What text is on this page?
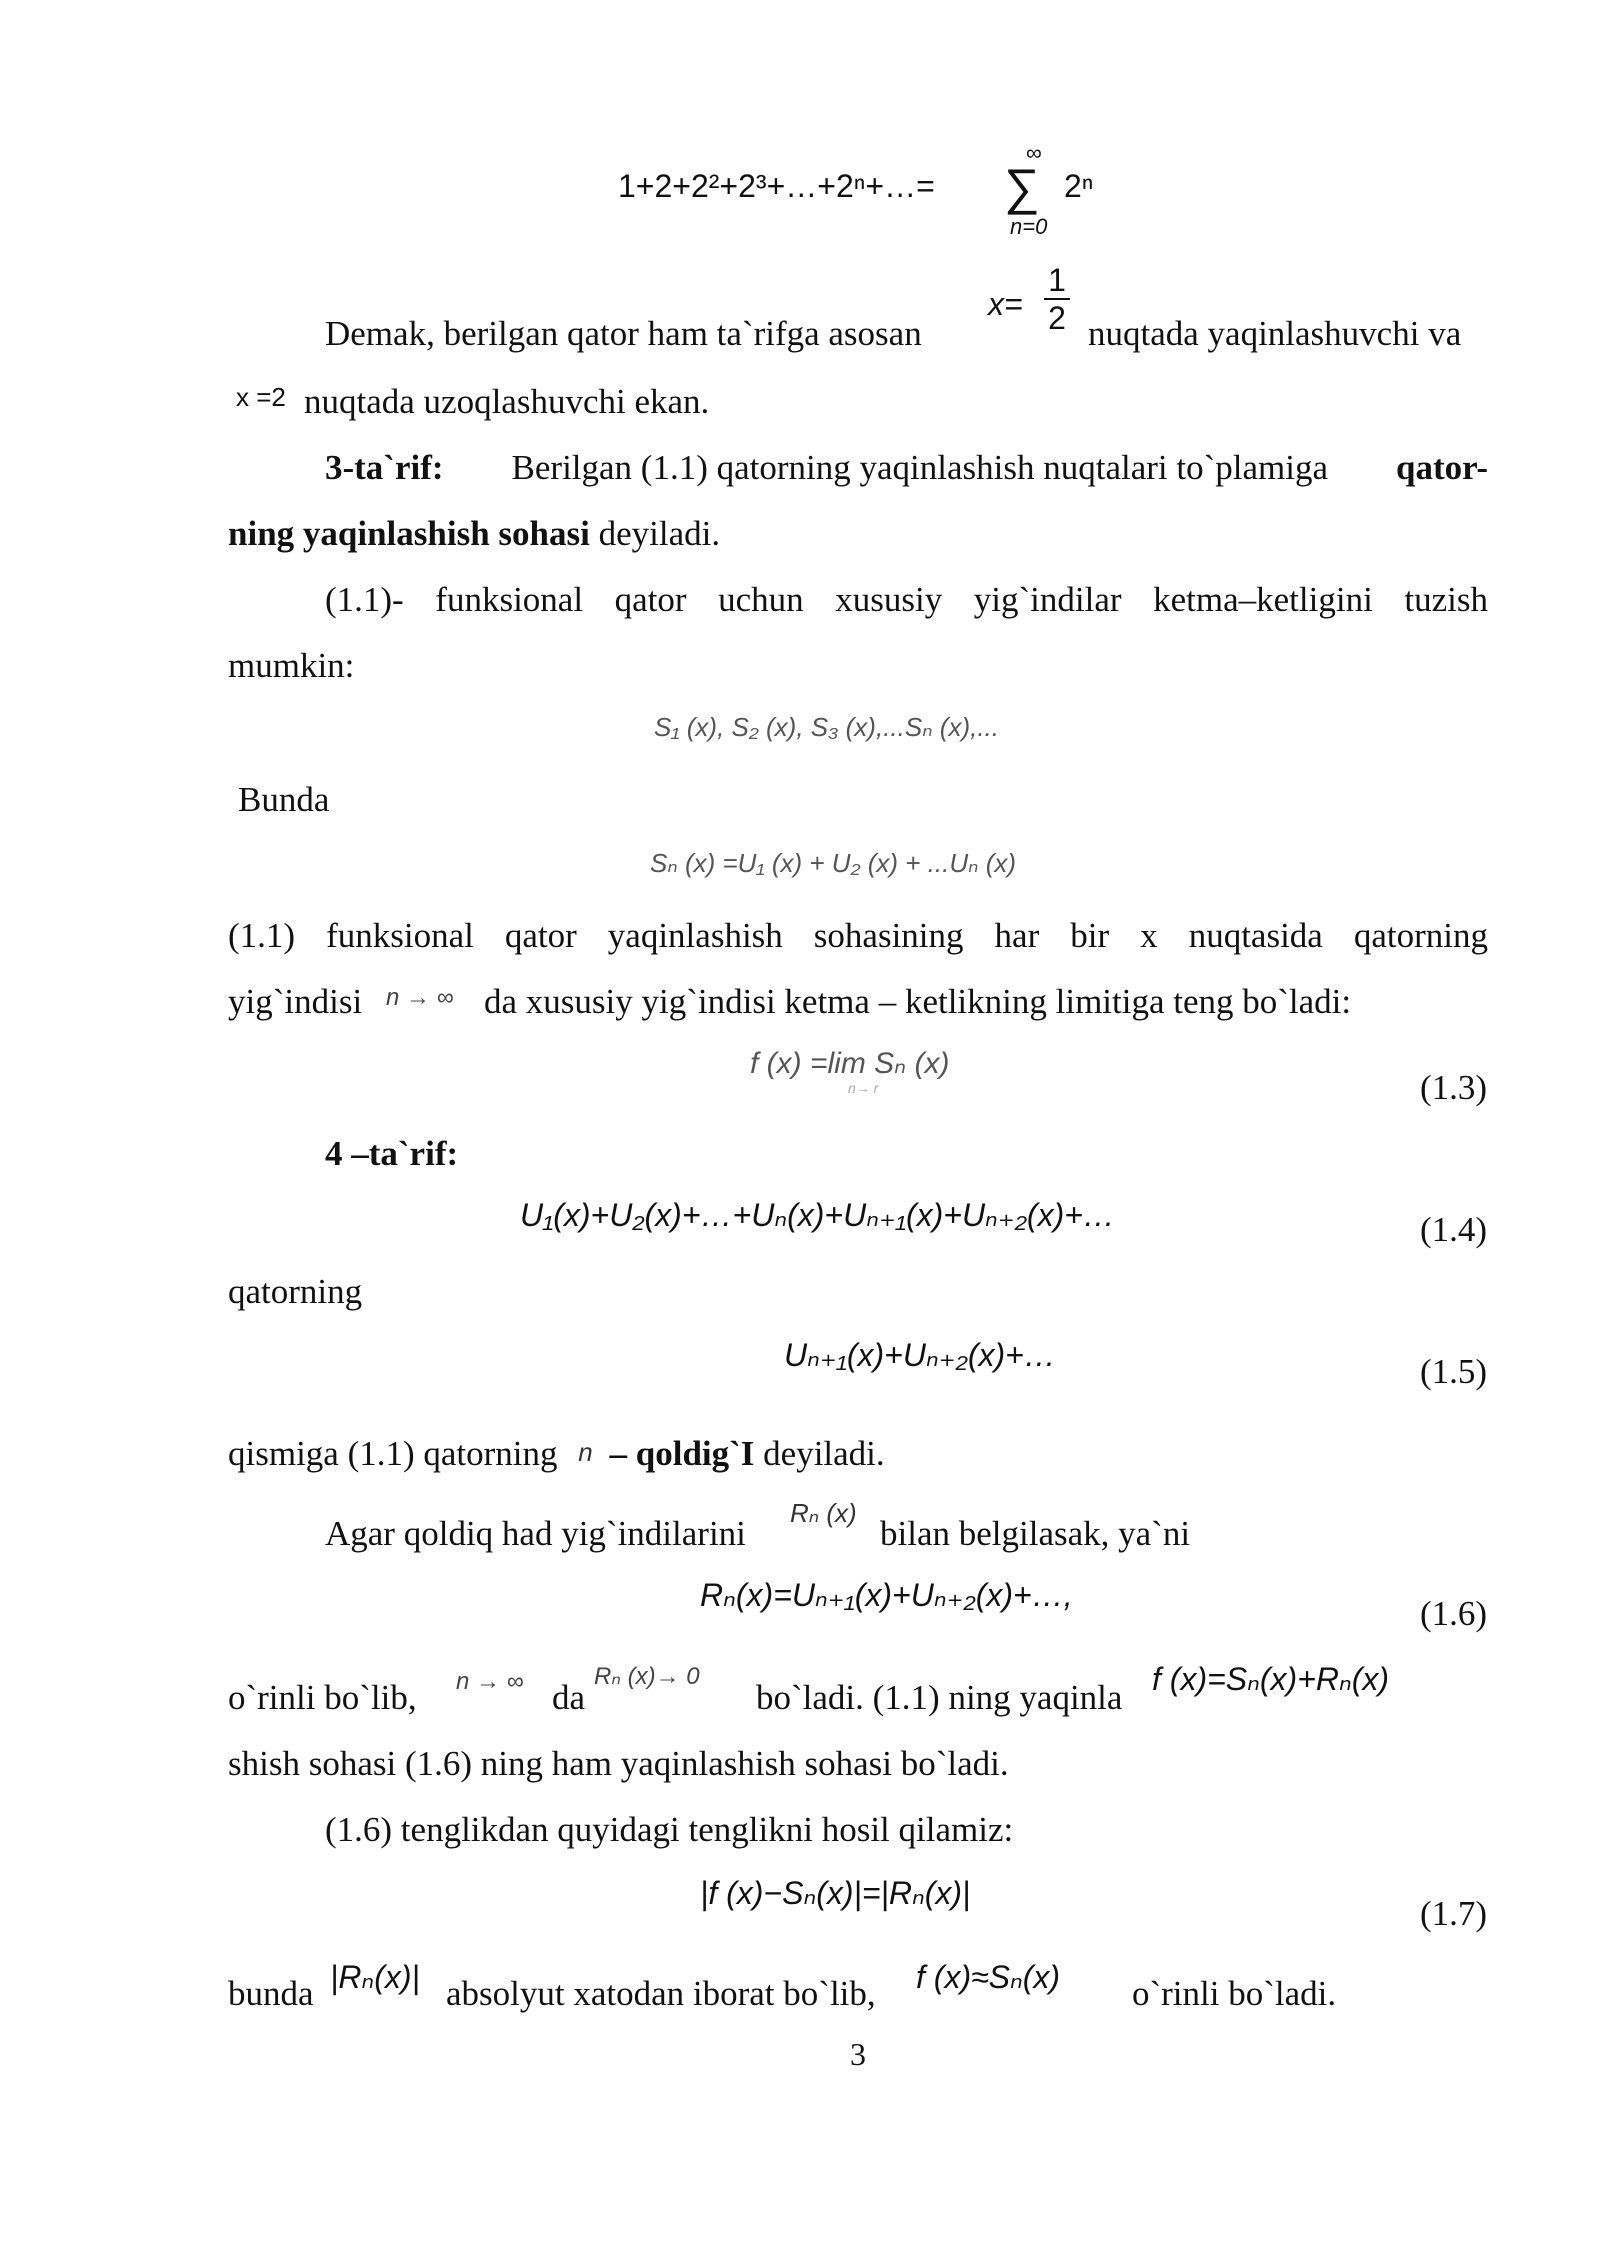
1+2+2²+2³+…+2ⁿ+…= ∑
∞
n=0
2ⁿ
Demak, berilgan qator ham ta`rifga asosan
x=
1
2 nuqtada yaqinlashuvchi va
x =2 nuqtada uzoqlashuvchi ekan.
3-ta`rif: Berilgan (1.1) qatorning yaqinlashish nuqtalari to`plamiga qator-
ning yaqinlashish sohasi deyiladi.
(1.1)- funksional qator uchun xususiy yig`indilar ketma–ketligini tuzish
mumkin:
S₁ (x), S₂ (x), S₃ (x),...Sₙ (x),...
Bunda
Sₙ (x) =U₁ (x) + U₂ (x) + ...Uₙ (x)
(1.1) funksional qator yaqinlashish sohasining har bir x nuqtasida qatorning
yig`indisi n → ∞ da xususiy yig`indisi ketma – ketlikning limitiga teng bo`ladi:
f (x) =lim Sₙ (x)
n→ r	(1.3)
4 –ta`rif:
U₁(x)+U₂(x)+…+Uₙ(x)+Uₙ₊₁(x)+Uₙ₊₂(x)+…	(1.4)
qatorning
Uₙ₊₁(x)+Uₙ₊₂(x)+…	(1.5)
qismiga (1.1) qatorning n – qoldig`I deyiladi.
Agar qoldiq had yig`indilarini
Rₙ (x)
bilan belgilasak, ya`ni
Rₙ(x)=Uₙ₊₁(x)+Uₙ₊₂(x)+…,	(1.6)
o`rinli bo`lib, n → ∞ da
Rₙ (x)→ 0
bo`ladi. (1.1) ning yaqinla f (x)=Sₙ(x)+Rₙ(x)
shish sohasi (1.6) ning ham yaqinlashish sohasi bo`ladi.
(1.6) tenglikdan quyidagi tenglikni hosil qilamiz:
|f (x)−Sₙ(x)|=|Rₙ(x)|
(1.7)
bunda |Rₙ(x)| absolyut xatodan iborat bo`lib, f (x)≈Sₙ(x) o`rinli bo`ladi.
3
